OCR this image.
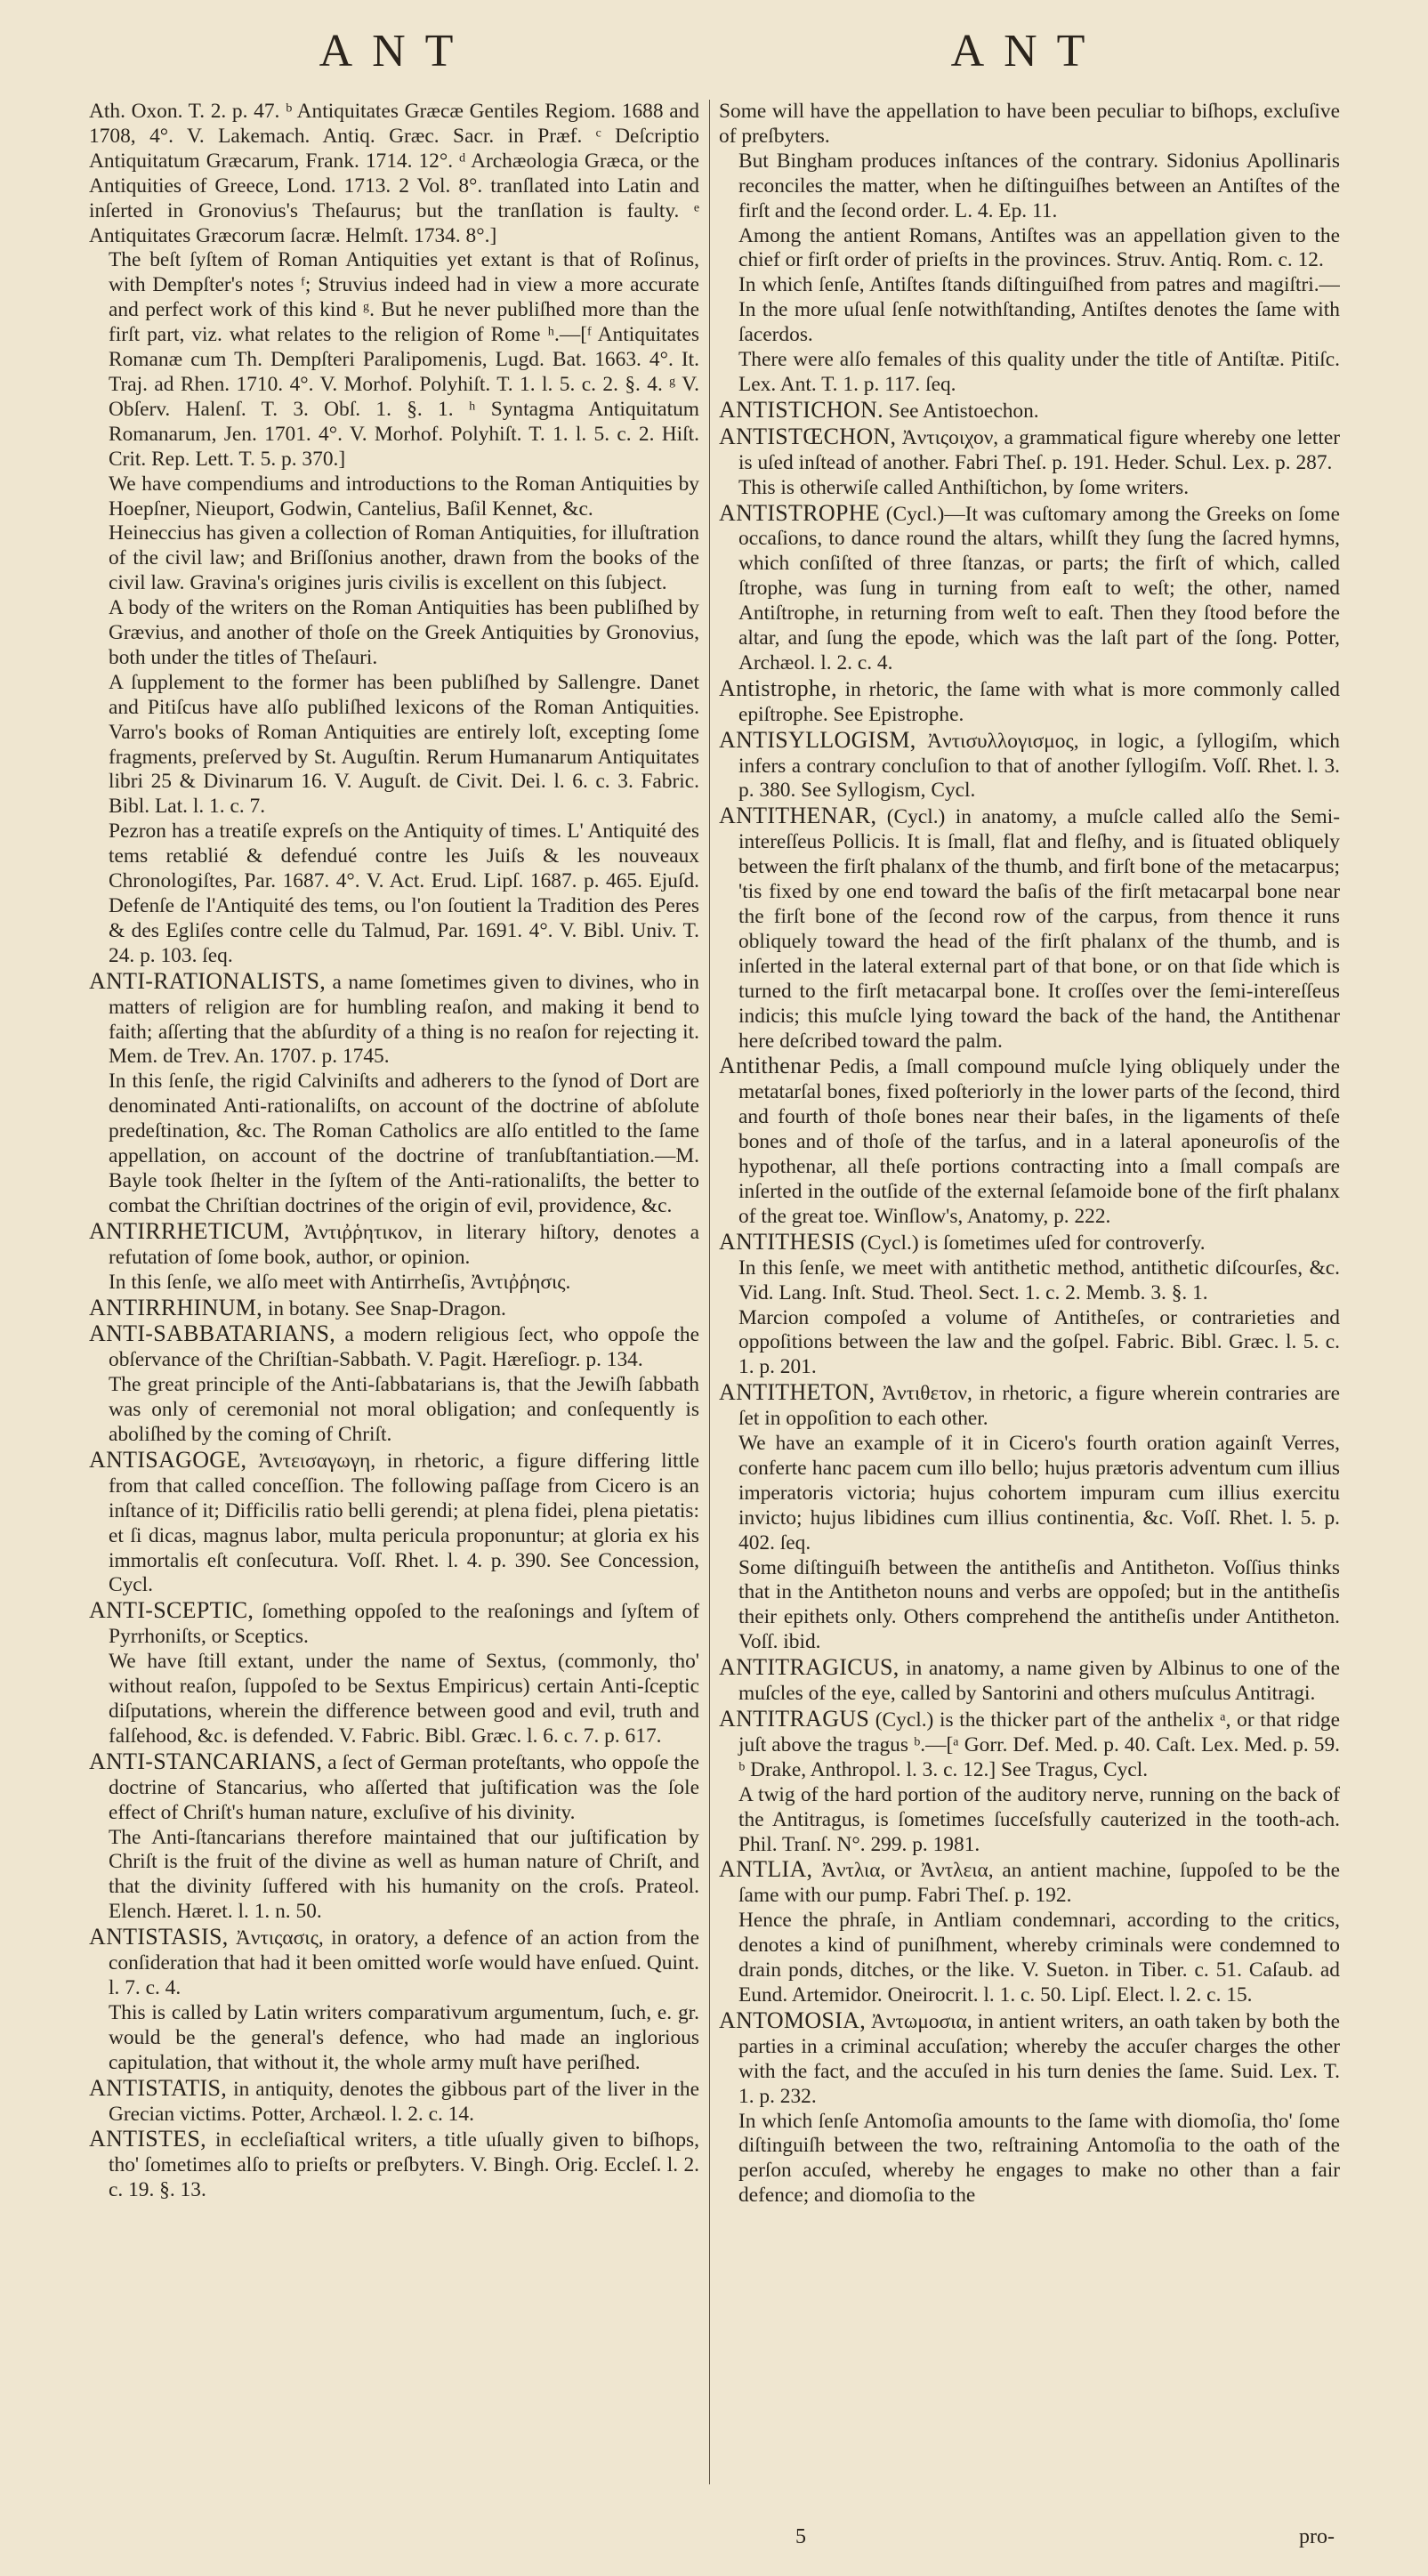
ANT	ANT

Ath. Oxon. T. 2. p. 47. ᵇ Antiquitates Græcæ Gentiles Regiom. 1688 and 1708, 4°. V. Lakemach. Antiq. Græc. Sacr. in Præf. ᶜ Deſcriptio Antiquitatum Græcarum, Frank. 1714. 12°. ᵈ Archæologia Græca, or the Antiquities of Greece, Lond. 1713. 2 Vol. 8°. tranſlated into Latin and inſerted in Gronovius's Theſaurus; but the tranſlation is faulty. ᵉ Antiquitates Græcorum ſacræ. Helmſt. 1734. 8°.]

The beſt ſyſtem of Roman Antiquities yet extant is that of Roſinus, with Dempſter's notes ᶠ; Struvius indeed had in view a more accurate and perfect work of this kind ᵍ. But he never publiſhed more than the firſt part, viz. what relates to the religion of Rome ʰ.—[ᶠ Antiquitates Romanæ cum Th. Dempſteri Paralipomenis, Lugd. Bat. 1663. 4°. It. Traj. ad Rhen. 1710. 4°. V. Morhof. Polyhiſt. T. 1. l. 5. c. 2. §. 4. ᵍ V. Obſerv. Halenſ. T. 3. Obſ. 1. §. 1. ʰ Syntagma Antiquitatum Romanarum, Jen. 1701. 4°. V. Morhof. Polyhiſt. T. 1. l. 5. c. 2. Hiſt. Crit. Rep. Lett. T. 5. p. 370.]

We have compendiums and introductions to the Roman Antiquities by Hoepſner, Nieuport, Godwin, Cantelius, Baſil Kennet, &c.

Heineccius has given a collection of Roman Antiquities, for illuſtration of the civil law; and Briſſonius another, drawn from the books of the civil law. Gravina's origines juris civilis is excellent on this ſubject.

A body of the writers on the Roman Antiquities has been publiſhed by Grævius, and another of thoſe on the Greek Antiquities by Gronovius, both under the titles of Theſauri.

A ſupplement to the former has been publiſhed by Sallengre. Danet and Pitiſcus have alſo publiſhed lexicons of the Roman Antiquities. Varro's books of Roman Antiquities are entirely loſt, excepting ſome fragments, preſerved by St. Auguſtin. Rerum Humanarum Antiquitates libri 25 & Divinarum 16. V. Auguſt. de Civit. Dei. l. 6. c. 3. Fabric. Bibl. Lat. l. 1. c. 7.

Pezron has a treatiſe expreſs on the Antiquity of times. L' Antiquité des tems retablié & defendué contre les Juiſs & les nouveaux Chronologiſtes, Par. 1687. 4°. V. Act. Erud. Lipſ. 1687. p. 465. Ejuſd. Defenſe de l'Antiquité des tems, ou l'on ſoutient la Tradition des Peres & des Egliſes contre celle du Talmud, Par. 1691. 4°. V. Bibl. Univ. T. 24. p. 103. ſeq.

ANTI-RATIONALISTS, a name ſometimes given to divines, who in matters of religion are for humbling reaſon, and making it bend to faith; aſſerting that the abſurdity of a thing is no reaſon for rejecting it. Mem. de Trev. An. 1707. p. 1745.

In this ſenſe, the rigid Calviniſts and adherers to the ſynod of Dort are denominated Anti-rationaliſts, on account of the doctrine of abſolute predeſtination, &c. The Roman Catholics are alſo entitled to the ſame appellation, on account of the doctrine of tranſubſtantiation.—M. Bayle took ſhelter in the ſyſtem of the Anti-rationaliſts, the better to combat the Chriſtian doctrines of the origin of evil, providence, &c.

ANTIRRHETICUM, Ἀντιῤῥητικον, in literary hiſtory, denotes a refutation of ſome book, author, or opinion.

In this ſenſe, we alſo meet with Antirrheſis, Ἀντιῤῥησις.

ANTIRRHINUM, in botany. See Snap-Dragon.

ANTI-SABBATARIANS, a modern religious ſect, who oppoſe the obſervance of the Chriſtian-Sabbath. V. Pagit. Hæreſiogr. p. 134.

The great principle of the Anti-ſabbatarians is, that the Jewiſh ſabbath was only of ceremonial not moral obligation; and conſequently is aboliſhed by the coming of Chriſt.

ANTISAGOGE, Ἀντεισαγωγη, in rhetoric, a figure differing little from that called conceſſion. The following paſſage from Cicero is an inſtance of it; Difficilis ratio belli gerendi; at plena fidei, plena pietatis: et ſi dicas, magnus labor, multa pericula proponuntur; at gloria ex his immortalis eſt conſecutura. Voſſ. Rhet. l. 4. p. 390. See Concession, Cycl.

ANTI-SCEPTIC, ſomething oppoſed to the reaſonings and ſyſtem of Pyrrhoniſts, or Sceptics.

We have ſtill extant, under the name of Sextus, (commonly, tho' without reaſon, ſuppoſed to be Sextus Empiricus) certain Anti-ſceptic diſputations, wherein the difference between good and evil, truth and falſehood, &c. is defended. V. Fabric. Bibl. Græc. l. 6. c. 7. p. 617.

ANTI-STANCARIANS, a ſect of German proteſtants, who oppoſe the doctrine of Stancarius, who aſſerted that juſtification was the ſole effect of Chriſt's human nature, excluſive of his divinity.

The Anti-ſtancarians therefore maintained that our juſtification by Chriſt is the fruit of the divine as well as human nature of Chriſt, and that the divinity ſuffered with his humanity on the croſs. Prateol. Elench. Hæret. l. 1. n. 50.

ANTISTASIS, Ἀντιςασις, in oratory, a defence of an action from the conſideration that had it been omitted worſe would have enſued. Quint. l. 7. c. 4.

This is called by Latin writers comparativum argumentum, ſuch, e. gr. would be the general's defence, who had made an inglorious capitulation, that without it, the whole army muſt have periſhed.

ANTISTATIS, in antiquity, denotes the gibbous part of the liver in the Grecian victims. Potter, Archæol. l. 2. c. 14.

ANTISTES, in eccleſiaſtical writers, a title uſually given to biſhops, tho' ſometimes alſo to prieſts or preſbyters. V. Bingh. Orig. Eccleſ. l. 2. c. 19. §. 13.

Some will have the appellation to have been peculiar to biſhops, excluſive of preſbyters.

But Bingham produces inſtances of the contrary. Sidonius Apollinaris reconciles the matter, when he diſtinguiſhes between an Antiſtes of the firſt and the ſecond order. L. 4. Ep. 11.

Among the antient Romans, Antiſtes was an appellation given to the chief or firſt order of prieſts in the provinces. Struv. Antiq. Rom. c. 12.

In which ſenſe, Antiſtes ſtands diſtinguiſhed from patres and magiſtri.—In the more uſual ſenſe notwithſtanding, Antiſtes denotes the ſame with ſacerdos.

There were alſo females of this quality under the title of Antiſtæ. Pitiſc. Lex. Ant. T. 1. p. 117. ſeq.

ANTISTICHON. See Antistoechon.

ANTISTŒCHON, Ἀντιςοιχον, a grammatical figure whereby one letter is uſed inſtead of another. Fabri Theſ. p. 191. Heder. Schul. Lex. p. 287.

This is otherwiſe called Anthiſtichon, by ſome writers.

ANTISTROPHE (Cycl.)—It was cuſtomary among the Greeks on ſome occaſions, to dance round the altars, whilſt they ſung the ſacred hymns, which conſiſted of three ſtanzas, or parts; the firſt of which, called ſtrophe, was ſung in turning from eaſt to weſt; the other, named Antiſtrophe, in returning from weſt to eaſt. Then they ſtood before the altar, and ſung the epode, which was the laſt part of the ſong. Potter, Archæol. l. 2. c. 4.

Antistrophe, in rhetoric, the ſame with what is more commonly called epiſtrophe. See Epistrophe.

ANTISYLLOGISM, Ἀντισυλλογισμος, in logic, a ſyllogiſm, which infers a contrary concluſion to that of another ſyllogiſm. Voſſ. Rhet. l. 3. p. 380. See Syllogism, Cycl.

ANTITHENAR, (Cycl.) in anatomy, a muſcle called alſo the Semi-intereſſeus Pollicis. It is ſmall, flat and fleſhy, and is ſituated obliquely between the firſt phalanx of the thumb, and firſt bone of the metacarpus; 'tis fixed by one end toward the baſis of the firſt metacarpal bone near the firſt bone of the ſecond row of the carpus, from thence it runs obliquely toward the head of the firſt phalanx of the thumb, and is inſerted in the lateral external part of that bone, or on that ſide which is turned to the firſt metacarpal bone. It croſſes over the ſemi-intereſſeus indicis; this muſcle lying toward the back of the hand, the Antithenar here deſcribed toward the palm.

Antithenar Pedis, a ſmall compound muſcle lying obliquely under the metatarſal bones, fixed poſteriorly in the lower parts of the ſecond, third and fourth of thoſe bones near their baſes, in the ligaments of theſe bones and of thoſe of the tarſus, and in a lateral aponeuroſis of the hypothenar, all theſe portions contracting into a ſmall compaſs are inſerted in the outſide of the external ſeſamoide bone of the firſt phalanx of the great toe. Winſlow's, Anatomy, p. 222.

ANTITHESIS (Cycl.) is ſometimes uſed for controverſy.

In this ſenſe, we meet with antithetic method, antithetic diſcourſes, &c. Vid. Lang. Inſt. Stud. Theol. Sect. 1. c. 2. Memb. 3. §. 1.

Marcion compoſed a volume of Antitheſes, or contrarieties and oppoſitions between the law and the goſpel. Fabric. Bibl. Græc. l. 5. c. 1. p. 201.

ANTITHETON, Ἀντιθετον, in rhetoric, a figure wherein contraries are ſet in oppoſition to each other.

We have an example of it in Cicero's fourth oration againſt Verres, conferte hanc pacem cum illo bello; hujus prætoris adventum cum illius imperatoris victoria; hujus cohortem impuram cum illius exercitu invicto; hujus libidines cum illius continentia, &c. Voſſ. Rhet. l. 5. p. 402. ſeq.

Some diſtinguiſh between the antitheſis and Antitheton. Voſſius thinks that in the Antitheton nouns and verbs are oppoſed; but in the antitheſis their epithets only. Others comprehend the antitheſis under Antitheton. Voſſ. ibid.

ANTITRAGICUS, in anatomy, a name given by Albinus to one of the muſcles of the eye, called by Santorini and others muſculus Antitragi.

ANTITRAGUS (Cycl.) is the thicker part of the anthelix ᵃ, or that ridge juſt above the tragus ᵇ.—[ᵃ Gorr. Def. Med. p. 40. Caſt. Lex. Med. p. 59. ᵇ Drake, Anthropol. l. 3. c. 12.] See Tragus, Cycl.

A twig of the hard portion of the auditory nerve, running on the back of the Antitragus, is ſometimes ſucceſsfully cauterized in the tooth-ach. Phil. Tranſ. N°. 299. p. 1981.

ANTLIA, Ἀντλια, or Ἀντλεια, an antient machine, ſuppoſed to be the ſame with our pump. Fabri Theſ. p. 192.

Hence the phraſe, in Antliam condemnari, according to the critics, denotes a kind of puniſhment, whereby criminals were condemned to drain ponds, ditches, or the like. V. Sueton. in Tiber. c. 51. Caſaub. ad Eund. Artemidor. Oneirocrit. l. 1. c. 50. Lipſ. Elect. l. 2. c. 15.

ANTOMOSIA, Ἀντωμοσια, in antient writers, an oath taken by both the parties in a criminal accuſation; whereby the accuſer charges the other with the fact, and the accuſed in his turn denies the ſame. Suid. Lex. T. 1. p. 232.

In which ſenſe Antomoſia amounts to the ſame with diomoſia, tho' ſome diſtinguiſh between the two, reſtraining Antomoſia to the oath of the perſon accuſed, whereby he engages to make no other than a fair defence; and diomoſia to the

5	pro-
